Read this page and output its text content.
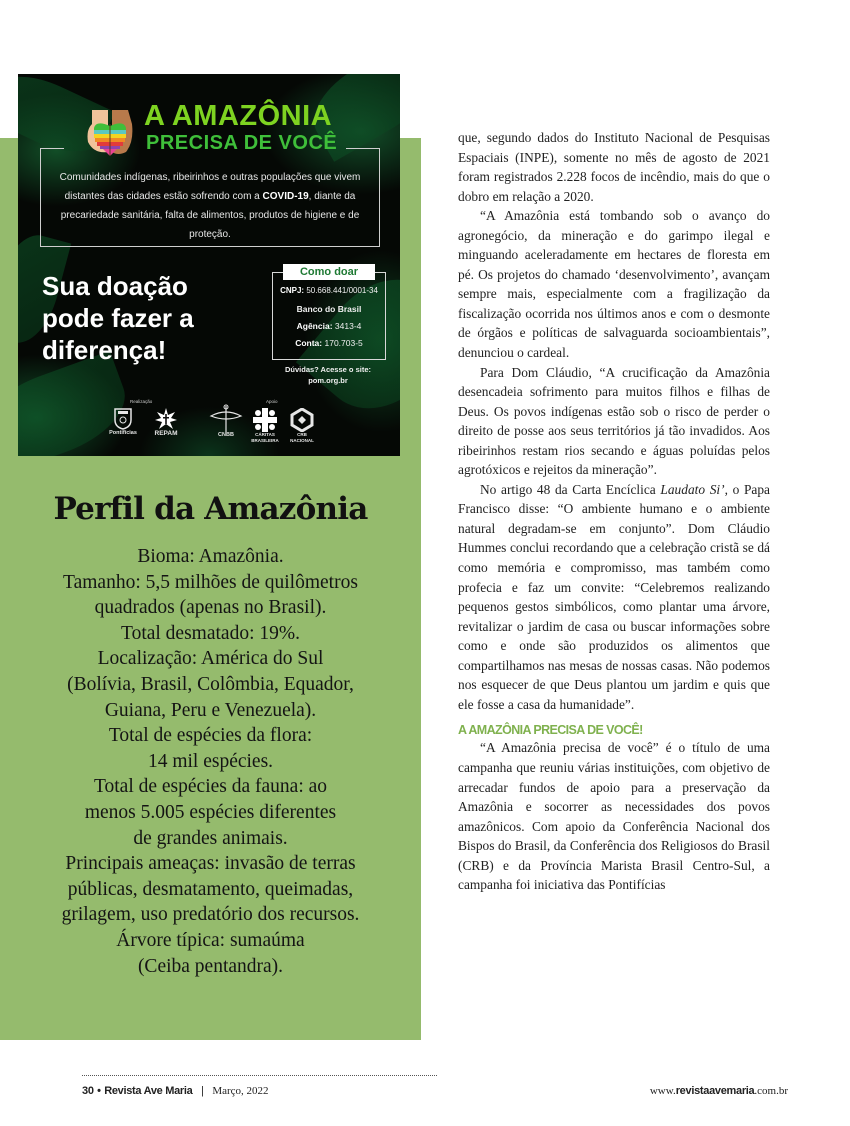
A AMAZÔNIA
PRECISA DE VOCÊ
Comunidades indígenas, ribeirinhos e outras populações que vivem distantes das cidades estão sofrendo com a COVID-19, diante da precariedade sanitária, falta de alimentos, produtos de higiene e de proteção.
Sua doação
pode fazer a
diferença!
Como doar
CNPJ: 50.668.441/0001-34
Banco do Brasil
Agência: 3413-4
Conta: 170.703-5
Dúvidas? Acesse o site:
pom.org.br
Realização	Apoio
Pontifícias	REPAM	CNBB	CÁRITAS BRASILEIRA
CRB NACIONAL
Perfil da Amazônia
Bioma: Amazônia.
Tamanho: 5,5 milhões de quilômetros
quadrados (apenas no Brasil).
Total desmatado: 19%.
Localização: América do Sul
(Bolívia, Brasil, Colômbia, Equador,
Guiana, Peru e Venezuela).
Total de espécies da flora:
14 mil espécies.
Total de espécies da fauna: ao
menos 5.005 espécies diferentes
de grandes animais.
Principais ameaças: invasão de terras
públicas, desmatamento, queimadas,
grilagem, uso predatório dos recursos.
Árvore típica: sumaúma
(Ceiba pentandra).

que, segundo dados do Instituto Nacional de Pesquisas Espaciais (INPE), somente no mês de agosto de 2021 foram registrados 2.228 focos de incêndio, mais do que o dobro em relação a 2020.

“A Amazônia está tombando sob o avanço do agronegócio, da mineração e do garimpo ilegal e minguando aceleradamente em hectares de floresta em pé. Os projetos do chamado ‘desenvolvimento’, avançam sempre mais, especialmente com a fragilização da fiscalização ocorrida nos últimos anos e com o desmonte de órgãos e políticas de salvaguarda socioambientais”, denunciou o cardeal.

Para Dom Cláudio, “A crucificação da Amazônia desencadeia sofrimento para muitos filhos e filhas de Deus. Os povos indígenas estão sob o risco de perder o direito de posse aos seus territórios já tão invadidos. Aos ribeirinhos restam rios secando e águas poluídas pelos agrotóxicos e rejeitos da mineração”.

No artigo 48 da Carta Encíclica Laudato Si’, o Papa Francisco disse: “O ambiente humano e o ambiente natural degradam-se em conjunto”. Dom Cláudio Hummes conclui recordando que a celebração cristã se dá como memória e compromisso, mas também como profecia e faz um convite: “Celebremos realizando pequenos gestos simbólicos, como plantar uma árvore, revitalizar o jardim de casa ou buscar informações sobre como e onde são produzidos os alimentos que compartilhamos nas mesas de nossas casas. Não podemos nos esquecer de que Deus plantou um jardim e quis que ele fosse a casa da humanidade”.

A AMAZÔNIA PRECISA DE VOCÊ!

“A Amazônia precisa de você” é o título de uma campanha que reuniu várias instituições, com objetivo de arrecadar fundos de apoio para a preservação da Amazônia e socorrer as necessidades dos povos amazônicos. Com apoio da Conferência Nacional dos Bispos do Brasil, da Conferência dos Religiosos do Brasil (CRB) e da Província Marista Brasil Centro-Sul, a campanha foi iniciativa das Pontifícias

30 • Revista Ave Maria | Março, 2022	www.revistaavemaria.com.br
